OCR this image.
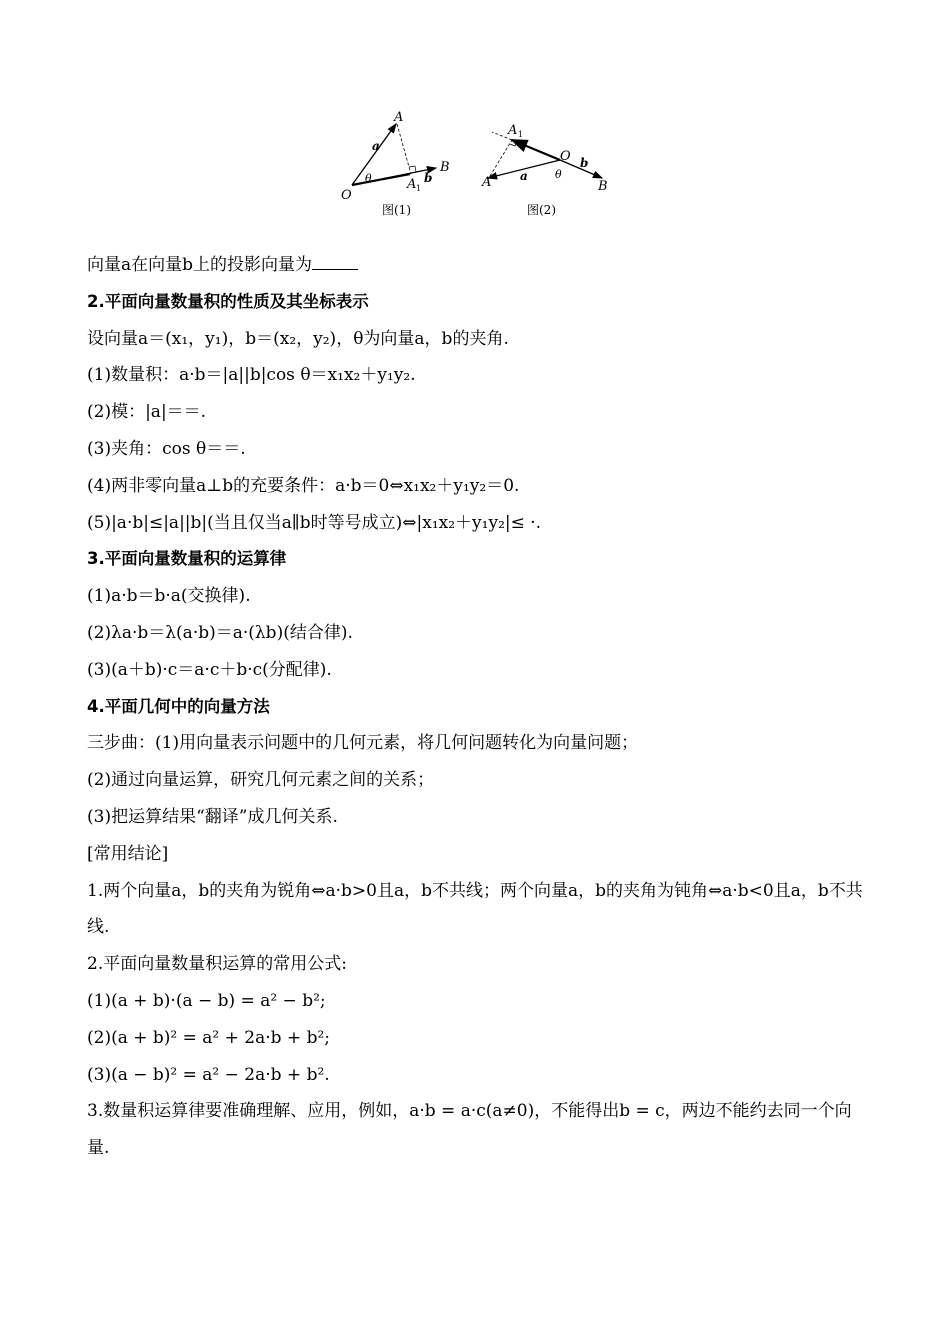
A
B
O
A 1
a
b
θ
图(1)
A 1
O
A	B
a
b
θ
图(2)
向量a在向量b上的投影向量为
2.平面向量数量积的性质及其坐标表示
设向量a＝(x₁，y₁)，b＝(x₂，y₂)，θ为向量a，b的夹角.
(1)数量积：a·b＝|a||b|cos θ＝x₁x₂＋y₁y₂.
(2)模：|a|＝＝.
(3)夹角：cos θ＝＝.
(4)两非零向量a⊥b的充要条件：a·b＝0⇔x₁x₂＋y₁y₂＝0.
(5)|a·b|≤|a||b|(当且仅当a∥b时等号成立)⇔|x₁x₂＋y₁y₂|≤ ·.
3.平面向量数量积的运算律
(1)a·b＝b·a(交换律).
(2)λa·b＝λ(a·b)＝a·(λb)(结合律).
(3)(a＋b)·c＝a·c＋b·c(分配律).
4.平面几何中的向量方法
三步曲：(1)用向量表示问题中的几何元素，将几何问题转化为向量问题；
(2)通过向量运算，研究几何元素之间的关系；
(3)把运算结果“翻译”成几何关系.
[常用结论]
1.两个向量a，b的夹角为锐角⇔a·b>0且a，b不共线；两个向量a，b的夹角为钝角⇔a·b<0且a，b不共线.
2.平面向量数量积运算的常用公式:
(1)(a + b)·(a − b) = a² − b²;
(2)(a + b)² = a² + 2a·b + b²;
(3)(a − b)² = a² − 2a·b + b².
3.数量积运算律要准确理解、应用，例如，a·b = a·c(a≠0)，不能得出b = c，两边不能约去同一个向量.
